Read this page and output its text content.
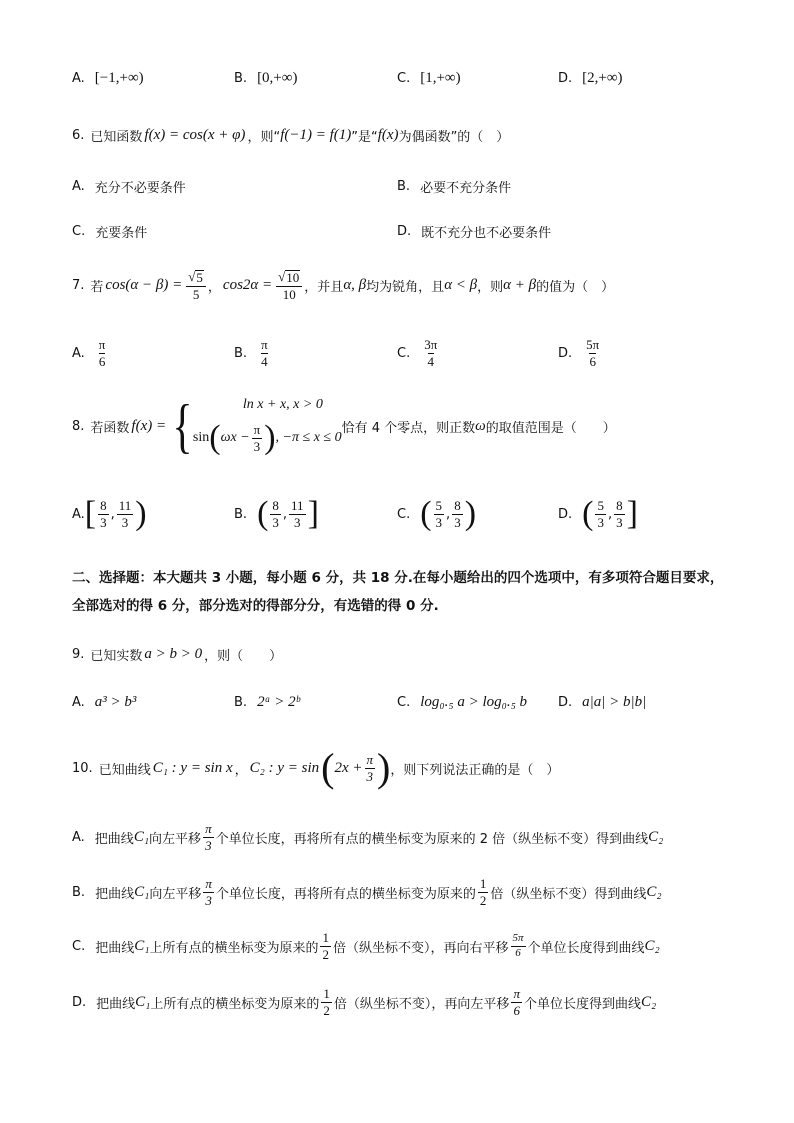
A. [−1,+∞)	B. [0,+∞)	C. [1,+∞)	D. [2,+∞)
6. 已知函数 f(x) = cos(x + φ) ，则“ f(−1) = f(1) ”是“ f(x) 为偶函数”的（　）
A. 充分不必要条件	B. 必要不充分条件
C. 充要条件	D. 既不充分也不必要条件
7. 若 $\cos(\alpha - \beta) = \frac{√ 5}{5}$ ， $\cos 2\alpha = \frac{√ 10}{10}$ ，并且 α, β 均为锐角，且 α < β ，则 α + β 的值为（　）
A. $\frac{\pi}{6}$	B. $\frac{\pi}{4}$	C. $\frac{3\pi}{4}$	D. $\frac{5\pi}{6}$
8. 若函数 f(x) = {	ln x + x, x > 0
sin ( $\omega x - \frac{\pi}{3}$ ) , −π ≤ x ≤ 0
恰有 4 个零点，则正数 ω 的取值范围是（　　）
A. [ $\frac{8}{3}$ , $\frac{11}{3}$ )	B. ( $\frac{8}{3}$ , $\frac{11}{3}$ ]	C. ( $\frac{5}{3}$ , $\frac{8}{3}$ )	D. ( $\frac{5}{3}$ , $\frac{8}{3}$ ]
二、选择题：本大题共 3 小题，每小题 6 分，共 18 分.在每小题给出的四个选项中，有多项符合题目要求，全部选对的得 6 分，部分选对的得部分分，有选错的得 0 分.
9. 已知实数 a > b > 0 ，则（　　）
A. a³ > b³	B. 2ᵃ > 2ᵇ	C. log₀.₅ a > log₀.₅ b D. a|a| > b|b|
10. 已知曲线 C₁ : y = sin x ， C₂ : y = sin ( $2x + \frac{\pi}{3}$ ) ，则下列说法正确的是（　）
A. 把曲线 C₁ 向左平移 $\frac{\pi}{3}$ 个单位长度，再将所有点的横坐标变为原来的 2 倍（纵坐标不变）得到曲线 C₂
B. 把曲线 C₁ 向左平移 $\frac{\pi}{3}$ 个单位长度，再将所有点的横坐标变为原来的 $\frac{1}{2}$ 倍（纵坐标不变）得到曲线 C₂
C. 把曲线 C₁ 上所有点的横坐标变为原来的 $\frac{1}{2}$ 倍（纵坐标不变），再向右平移 $\frac{5\pi}{6}$ 个单位长度得到曲线 C₂
D. 把曲线 C₁ 上所有点的横坐标变为原来的 $\frac{1}{2}$ 倍（纵坐标不变），再向左平移 $\frac{\pi}{6}$ 个单位长度得到曲线 C₂
